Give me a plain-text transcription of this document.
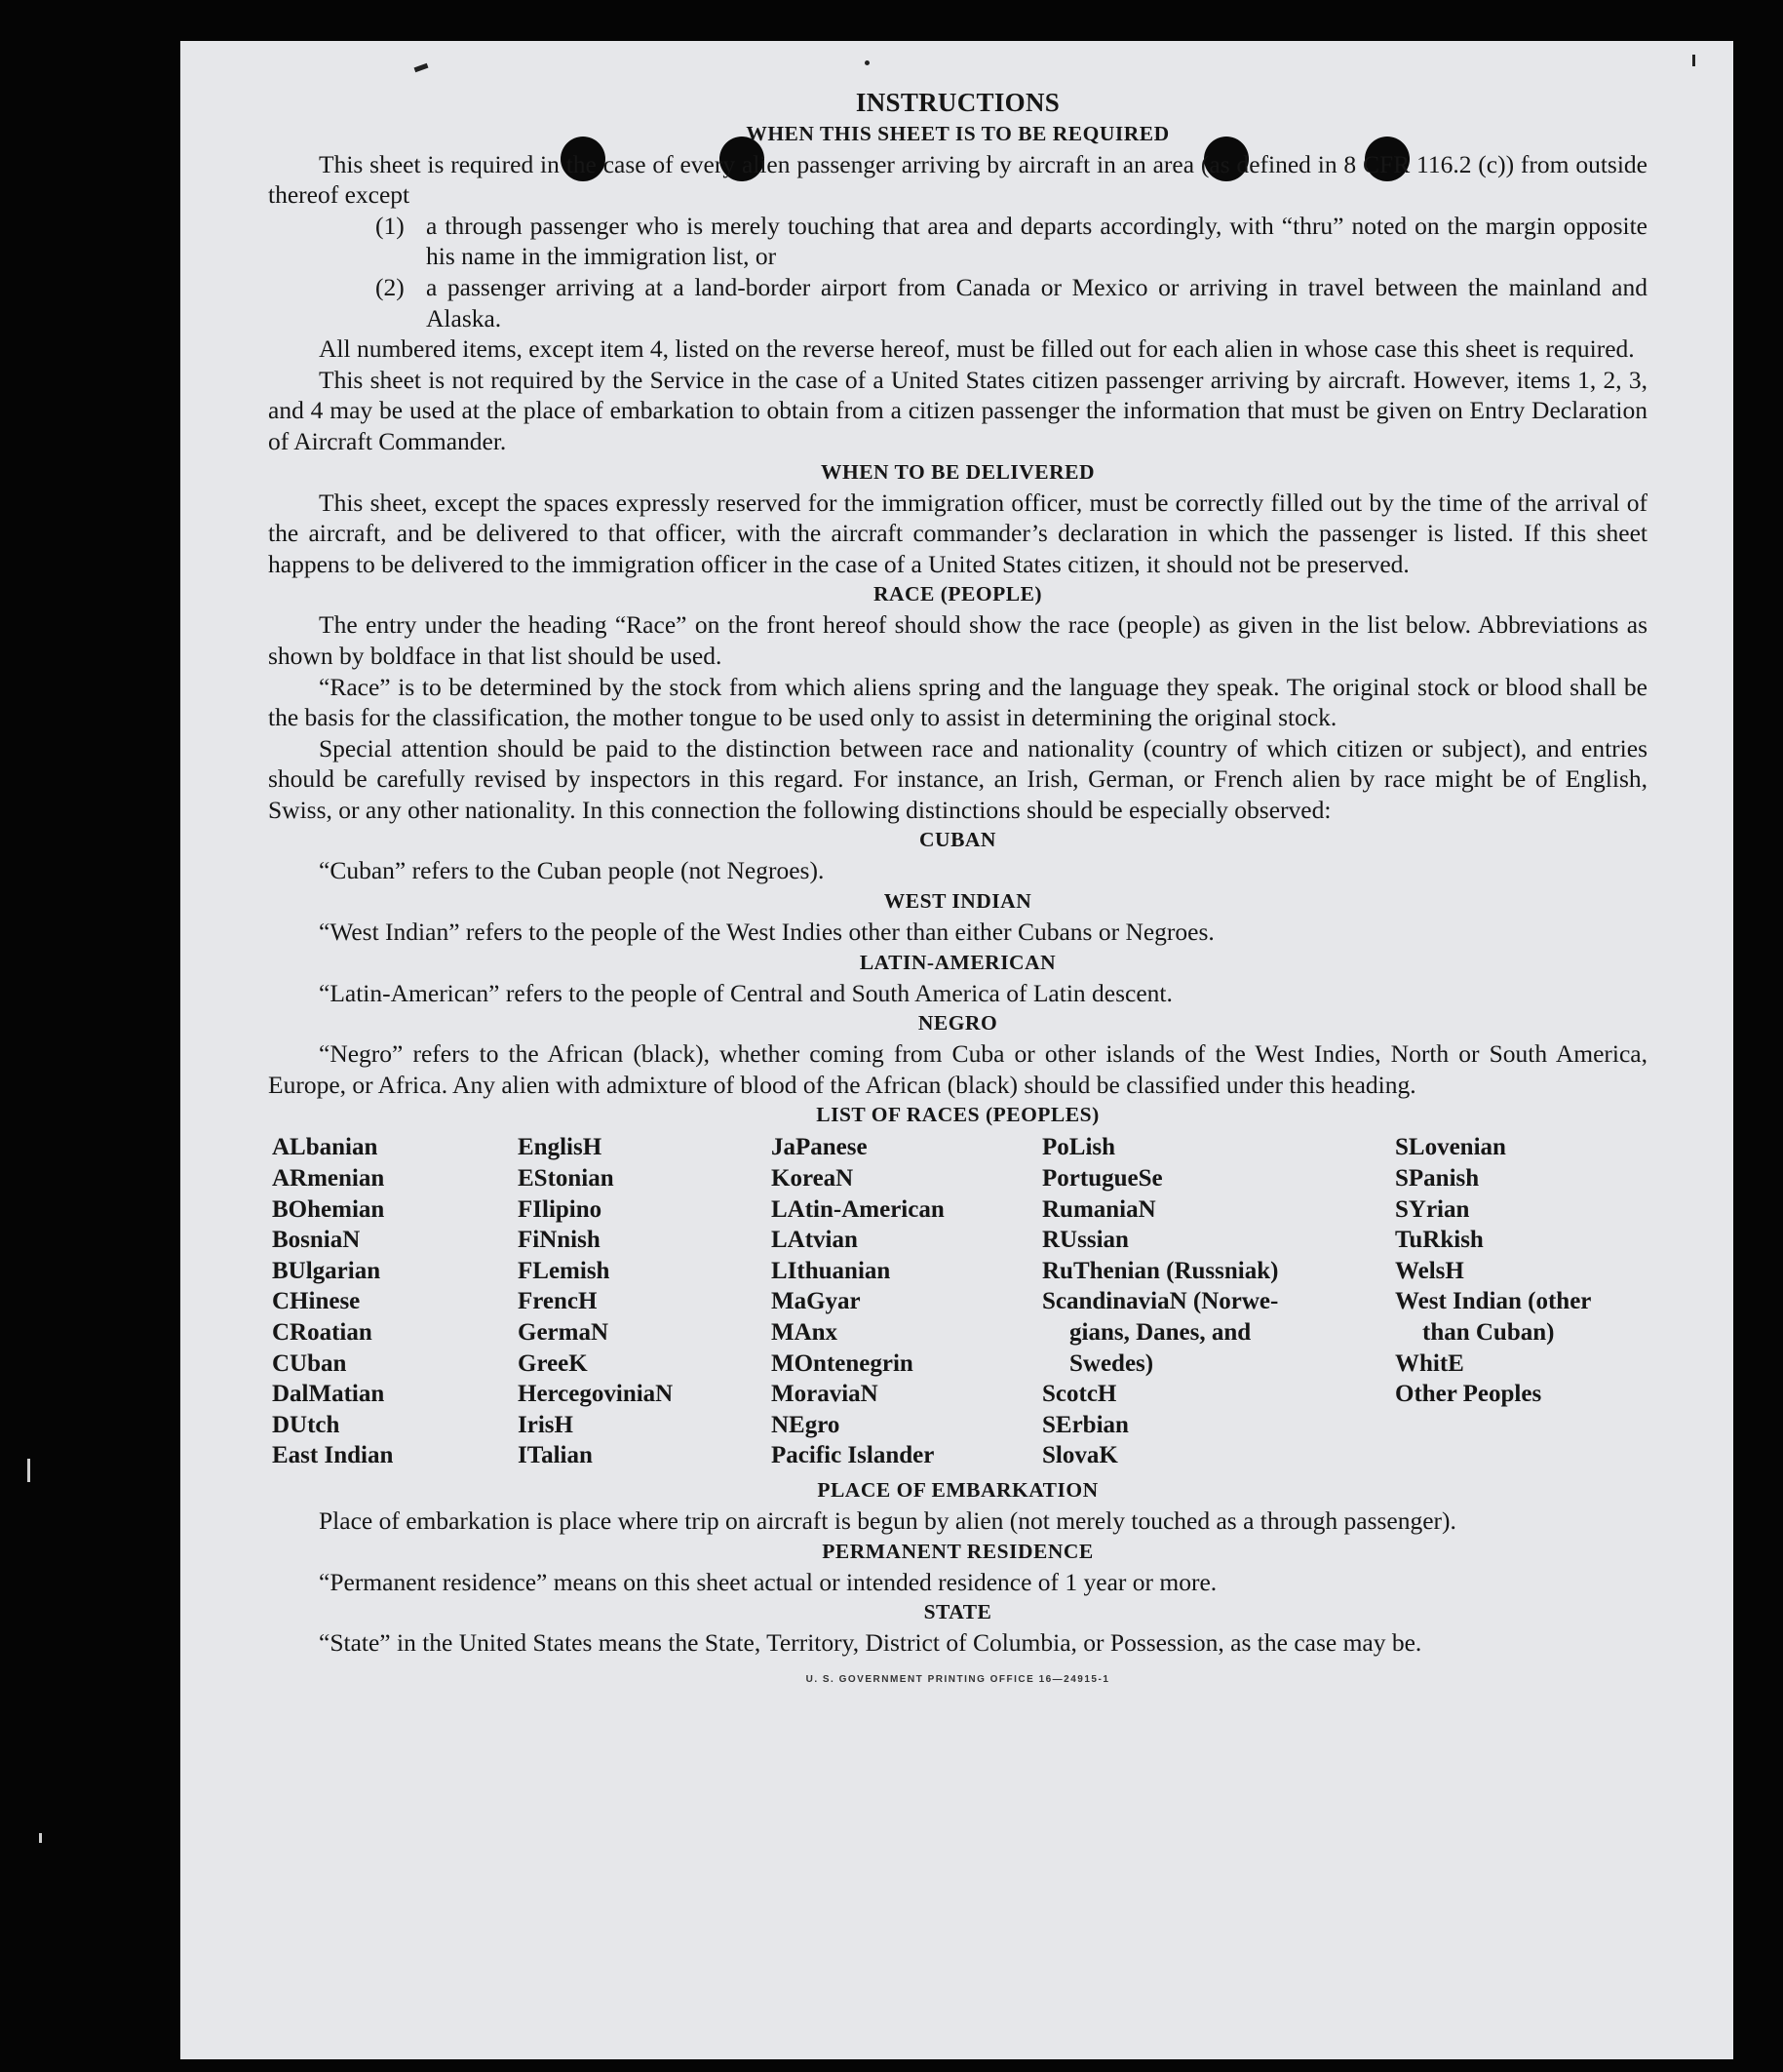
INSTRUCTIONS

WHEN THIS SHEET IS TO BE REQUIRED

This sheet is required in the case of every alien passenger arriving by aircraft in an area (as defined in 8 CFR 116.2 (c)) from outside thereof except

(1) a through passenger who is merely touching that area and departs accordingly, with “thru” noted on the margin opposite his name in the immigration list, or
(2) a passenger arriving at a land-border airport from Canada or Mexico or arriving in travel between the mainland and Alaska.

All numbered items, except item 4, listed on the reverse hereof, must be filled out for each alien in whose case this sheet is required.

This sheet is not required by the Service in the case of a United States citizen passenger arriving by aircraft. However, items 1, 2, 3, and 4 may be used at the place of embarkation to obtain from a citizen passenger the information that must be given on Entry Declaration of Aircraft Commander.

WHEN TO BE DELIVERED

This sheet, except the spaces expressly reserved for the immigration officer, must be correctly filled out by the time of the arrival of the aircraft, and be delivered to that officer, with the aircraft commander’s declaration in which the passenger is listed. If this sheet happens to be delivered to the immigration officer in the case of a United States citizen, it should not be preserved.

RACE (PEOPLE)

The entry under the heading “Race” on the front hereof should show the race (people) as given in the list below. Abbreviations as shown by boldface in that list should be used.

“Race” is to be determined by the stock from which aliens spring and the language they speak. The original stock or blood shall be the basis for the classification, the mother tongue to be used only to assist in determining the original stock.

Special attention should be paid to the distinction between race and nationality (country of which citizen or subject), and entries should be carefully revised by inspectors in this regard. For instance, an Irish, German, or French alien by race might be of English, Swiss, or any other nationality. In this connection the following distinctions should be especially observed:

CUBAN

“Cuban” refers to the Cuban people (not Negroes).

WEST INDIAN

“West Indian” refers to the people of the West Indies other than either Cubans or Negroes.

LATIN-AMERICAN

“Latin-American” refers to the people of Central and South America of Latin descent.

NEGRO

“Negro” refers to the African (black), whether coming from Cuba or other islands of the West Indies, North or South America, Europe, or Africa. Any alien with admixture of blood of the African (black) should be classified under this heading.

LIST OF RACES (PEOPLES)

ALbanian
ARmenian
BOhemian
BosniaN
BUlgarian
CHinese
CRoatian
CUban
DalMatian
DUtch
East Indian
EnglisH
EStonian
FIlipino
FiNnish
FLemish
FrencH
GermaN
GreeK
HercegoviniaN
IrisH
ITalian
JaPanese
KoreaN
LAtin-American
LAtvian
LIthuanian
MaGyar
MAnx
MOntenegrin
MoraviaN
NEgro
Pacific Islander
PoLish
PortugueSe
RumaniaN
RUssian
RuThenian (Russniak)
ScandinaviaN (Norwe-
gians, Danes, and
Swedes)
ScotcH
SErbian
SlovaK
SLovenian
SPanish
SYrian
TuRkish
WelsH
West Indian (other
than Cuban)
WhitE
Other Peoples

PLACE OF EMBARKATION

Place of embarkation is place where trip on aircraft is begun by alien (not merely touched as a through passenger).

PERMANENT RESIDENCE

“Permanent residence” means on this sheet actual or intended residence of 1 year or more.

STATE

“State” in the United States means the State, Territory, District of Columbia, or Possession, as the case may be.

U. S. GOVERNMENT PRINTING OFFICE 16—24915-1
